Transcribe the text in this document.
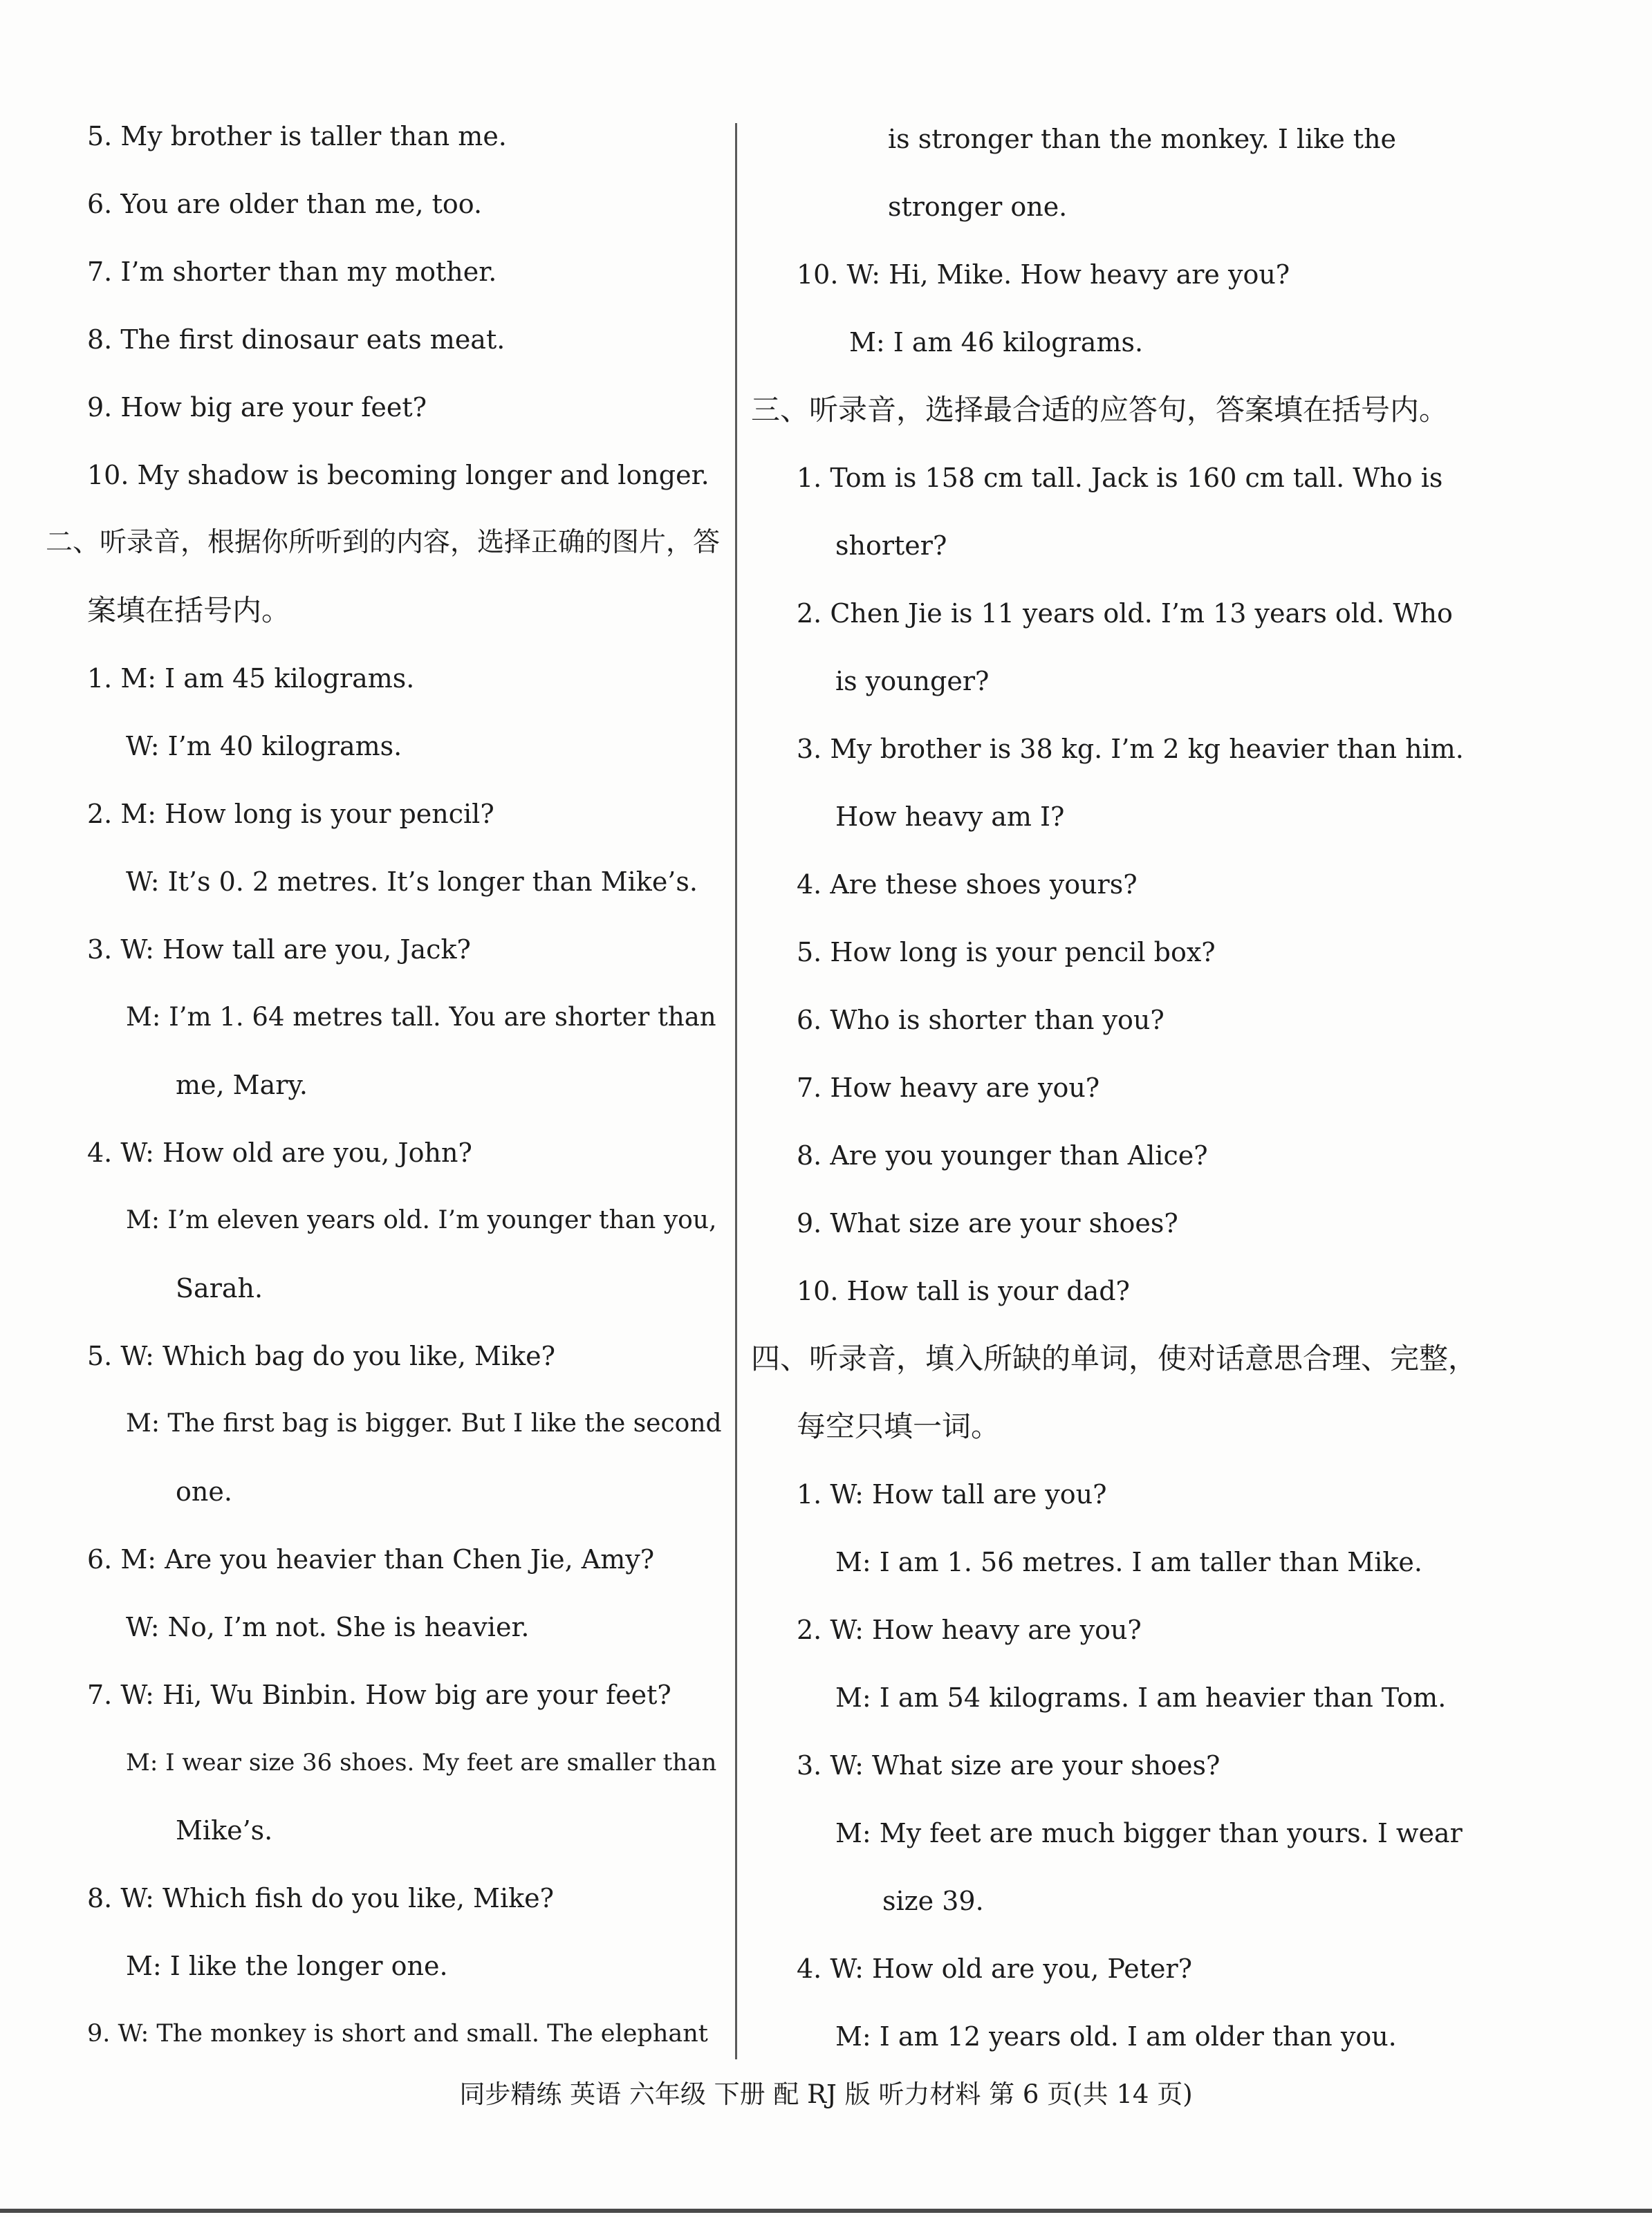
5. My brother is taller than me.
6. You are older than me, too.
7. I’m shorter than my mother.
8. The first dinosaur eats meat.
9. How big are your feet?
10. My shadow is becoming longer and longer.
二、听录音，根据你所听到的内容，选择正确的图片，答
案填在括号内。
1. M: I am 45 kilograms.
W: I’m 40 kilograms.
2. M: How long is your pencil?
W: It’s 0. 2 metres. It’s longer than Mike’s.
3. W: How tall are you, Jack?
M: I’m 1. 64 metres tall. You are shorter than
me, Mary.
4. W: How old are you, John?
M: I’m eleven years old. I’m younger than you,
Sarah.
5. W: Which bag do you like, Mike?
M: The first bag is bigger. But I like the second
one.
6. M: Are you heavier than Chen Jie, Amy?
W: No, I’m not. She is heavier.
7. W: Hi, Wu Binbin. How big are your feet?
M: I wear size 36 shoes. My feet are smaller than
Mike’s.
8. W: Which fish do you like, Mike?
M: I like the longer one.
9. W: The monkey is short and small. The elephant
is stronger than the monkey. I like the
stronger one.
10. W: Hi, Mike. How heavy are you?
M: I am 46 kilograms.
三、听录音，选择最合适的应答句，答案填在括号内。
1. Tom is 158 cm tall. Jack is 160 cm tall. Who is
shorter?
2. Chen Jie is 11 years old. I’m 13 years old. Who
is younger?
3. My brother is 38 kg. I’m 2 kg heavier than him.
How heavy am I?
4. Are these shoes yours?
5. How long is your pencil box?
6. Who is shorter than you?
7. How heavy are you?
8. Are you younger than Alice?
9. What size are your shoes?
10. How tall is your dad?
四、听录音，填入所缺的单词，使对话意思合理、完整，
每空只填一词。
1. W: How tall are you?
M: I am 1. 56 metres. I am taller than Mike.
2. W: How heavy are you?
M: I am 54 kilograms. I am heavier than Tom.
3. W: What size are your shoes?
M: My feet are much bigger than yours. I wear
size 39.
4. W: How old are you, Peter?
M: I am 12 years old. I am older than you.
同步精练 英语 六年级 下册 配 RJ 版 听力材料 第 6 页(共 14 页)
